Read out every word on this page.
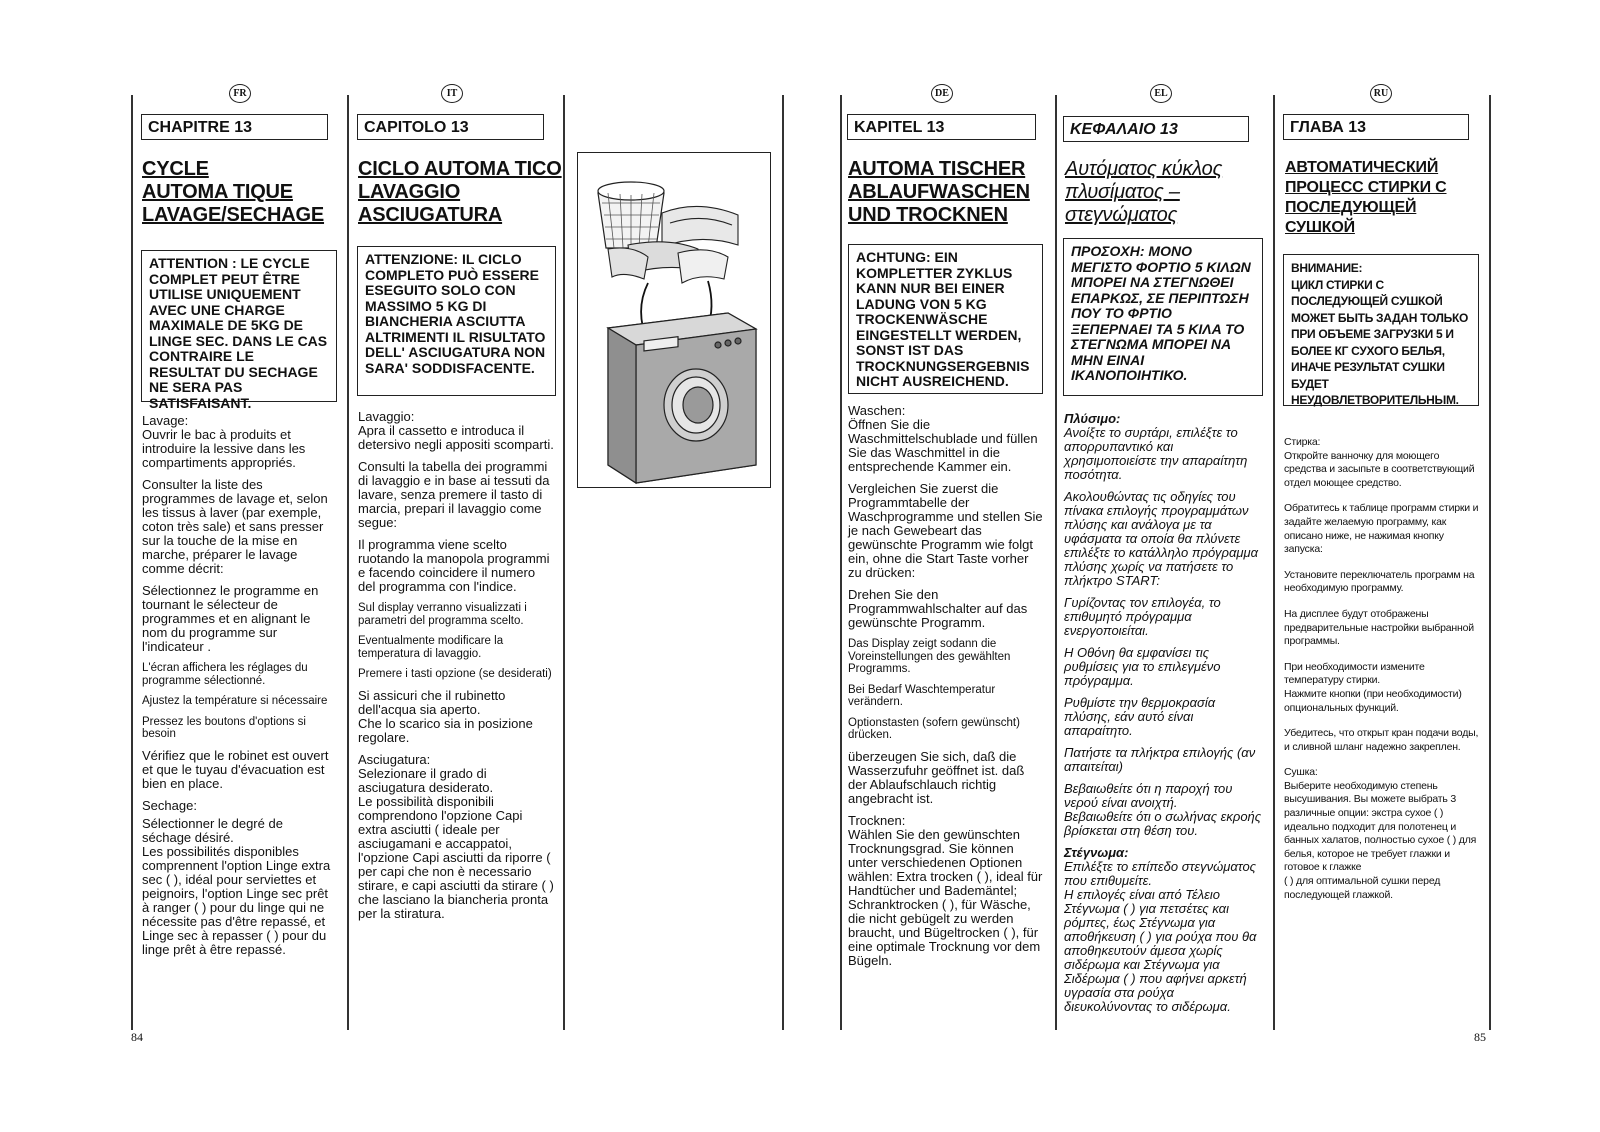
FR
CHAPITRE 13
CYCLE
AUTOMA TIQUE
LAVAGE/SECHAGE
ATTENTION : LE CYCLE COMPLET PEUT ÊTRE UTILISE UNIQUEMENT AVEC UNE CHARGE MAXIMALE DE 5KG DE LINGE SEC. DANS LE CAS CONTRAIRE LE RESULTAT DU SECHAGE NE SERA PAS SATISFAISANT.

Lavage:
Ouvrir le bac à produits et introduire la lessive dans les compartiments appropriés.

Consulter la liste des programmes de lavage et, selon les tissus à laver (par exemple, coton très sale) et sans presser sur la touche de la mise en marche, préparer le lavage comme décrit:

Sélectionnez le programme en tournant le sélecteur de programmes et en alignant le nom du programme sur l'indicateur .

L'écran affichera les réglages du programme sélectionné.

Ajustez la température si nécessaire

Pressez les boutons d'options si besoin

Vérifiez que le robinet est ouvert et que le tuyau d'évacuation est bien en place.

Sechage:

Sélectionner le degré de séchage désiré.
Les possibilités disponibles comprennent l'option Linge extra sec ( ), idéal pour serviettes et peignoirs, l'option Linge sec prêt à ranger ( ) pour du linge qui ne nécessite pas d'être repassé, et Linge sec à repasser ( ) pour du linge prêt à être repassé.

84
IT
CAPITOLO 13
CICLO AUTOMA TICO
LAVAGGIO
ASCIUGATURA
ATTENZIONE: IL CICLO COMPLETO PUÒ ESSERE ESEGUITO SOLO CON MASSIMO 5 KG DI BIANCHERIA ASCIUTTA ALTRIMENTI IL RISULTATO DELL' ASCIUGATURA NON SARA' SODDISFACENTE.

Lavaggio:
Apra il cassetto e introduca il detersivo negli appositi scomparti.

Consulti la tabella dei programmi di lavaggio e in base ai tessuti da lavare, senza premere il tasto di marcia, prepari il lavaggio come segue:

Il programma viene scelto ruotando la manopola programmi e facendo coincidere il numero del programma con l'indice.

Sul display verranno visualizzati i parametri del programma scelto.

Eventualmente modificare la temperatura di lavaggio.

Premere i tasti opzione (se desiderati)

Si assicuri che il rubinetto dell'acqua sia aperto.
Che lo scarico sia in posizione regolare.

Asciugatura:
Selezionare il grado di asciugatura desiderato.
Le possibilità disponibili comprendono l'opzione Capi extra asciutti ( ideale per asciugamani e accappatoi, l'opzione Capi asciutti da riporre ( per capi che non è necessario stirare, e capi asciutti da stirare ( ) che lasciano la biancheria pronta per la stiratura.

DE
KAPITEL 13
AUTOMA TISCHER
ABLAUFWASCHEN
UND TROCKNEN
ACHTUNG: EIN KOMPLETTER ZYKLUS KANN NUR BEI EINER LADUNG VON 5 KG TROCKENWÄSCHE EINGESTELLT WERDEN, SONST IST DAS TROCKNUNGSERGEBNIS NICHT AUSREICHEND.

Waschen:
Öffnen Sie die Waschmittelschublade und füllen Sie das Waschmittel in die entsprechende Kammer ein.

Vergleichen Sie zuerst die Programmtabelle der Waschprogramme und stellen Sie je nach Gewebeart das gewünschte Programm wie folgt ein, ohne die Start Taste vorher zu drücken:

Drehen Sie den Programmwahlschalter auf das gewünschte Programm.

Das Display zeigt sodann die Voreinstellungen des gewählten Programms.

Bei Bedarf Waschtemperatur verändern.

Optionstasten (sofern gewünscht) drücken.

überzeugen Sie sich, daß die Wasserzufuhr geöffnet ist. daß der Ablaufschlauch richtig angebracht ist.

Trocknen:
Wählen Sie den gewünschten Trocknungsgrad. Sie können unter verschiedenen Optionen wählen: Extra trocken ( ), ideal für Handtücher und Bademäntel; Schranktrocken ( ), für Wäsche, die nicht gebügelt zu werden braucht, und Bügeltrocken ( ), für eine optimale Trocknung vor dem Bügeln.

EL
ΚΕΦΑΛΑΙΟ 13
Αυτόματος κύκλος
πλυσίματος –
στεγνώματος
ΠΡΟΣΟΧΗ: ΜΟΝΟ ΜΕΓΙΣΤΟ ΦΟΡΤΙΟ 5 ΚΙΛΩΝ ΜΠΟΡΕΙ ΝΑ ΣΤΕΓΝΩΘΕΙ ΕΠΑΡΚΩΣ, ΣΕ ΠΕΡΙΠΤΩΣΗ ΠΟΥ ΤΟ ΦΡΤΙΟ ΞΕΠΕΡΝΑΕΙ ΤΑ 5 ΚΙΛΑ ΤΟ ΣΤΕΓΝΩΜΑ ΜΠΟΡΕΙ ΝΑ ΜΗΝ ΕΙΝΑΙ ΙΚΑΝΟΠΟΙΗΤΙΚΟ.

Πλύσιμο:

Ανοίξτε το συρτάρι, επιλέξτε το απορρυπαντικό και χρησιμοποιείστε την απαραίτητη ποσότητα.

Ακολουθώντας τις οδηγίες του πίνακα επιλογής προγραμμάτων πλύσης και ανάλογα με τα υφάσματα τα οποία θα πλύνετε επιλέξτε το κατάλληλο πρόγραμμα πλύσης χωρίς να πατήσετε το πλήκτρο START:

Γυρίζοντας τον επιλογέα, το επιθυμητό πρόγραμμα ενεργοποιείται.

Η Οθόνη θα εμφανίσει τις ρυθμίσεις για το επιλεγμένο πρόγραμμα.

Ρυθμίστε την θερμοκρασία πλύσης, εάν αυτό είναι απαραίτητο.

Πατήστε τα πλήκτρα επιλογής (αν απαιτείται)

Βεβαιωθείτε ότι η παροχή του νερού είναι ανοιχτή.
Βεβαιωθείτε ότι ο σωλήνας εκροής βρίσκεται στη θέση του.

Στέγνωμα:

Επιλέξτε το επίπεδο στεγνώματος που επιθυμείτε.
Η επιλογές είναι από Τέλειο Στέγνωμα ( ) για πετσέτες και ρόμπες, έως Στέγνωμα για αποθήκευση ( ) για ρούχα που θα αποθηκευτούν άμεσα χωρίς σιδέρωμα και Στέγνωμα για Σιδέρωμα ( ) που αφήνει αρκετή υγρασία στα ρούχα διευκολύνοντας το σιδέρωμα.

RU
ГЛАВА 13
АВТОМАТИЧЕСКИЙ
ПРОЦЕСС СТИРКИ С
ПОСЛЕДУЮЩЕЙ
СУШКОЙ
ВНИМАНИЕ:
ЦИКЛ СТИРКИ С ПОСЛЕДУЮЩЕЙ СУШКОЙ МОЖЕТ БЫТЬ ЗАДАН ТОЛЬКО ПРИ ОБЪЕМЕ ЗАГРУЗКИ 5 И БОЛЕЕ КГ СУХОГО БЕЛЬЯ, ИНАЧЕ РЕЗУЛЬТАТ СУШКИ БУДЕТ НЕУДОВЛЕТВОРИТЕЛЬНЫМ.

Стирка:
Откройте ванночку для моющего средства и засыпьте в соответствующий отдел моющее средство.

Обратитесь к таблице программ стирки и задайте желаемую программу, как описано ниже, не нажимая кнопку запуска:

Установите переключатель программ на необходимую программу.

На дисплее будут отображены предварительные настройки выбранной программы.

При необходимости измените температуру стирки.
Нажмите кнопки (при необходимости) опциональных функций.

Убедитесь, что открыт кран подачи воды, и сливной шланг надежно закреплен.

Сушка:
Выберите необходимую степень высушивания. Вы можете выбрать 3 различные опции: экстра сухое ( ) идеально подходит для полотенец и банных халатов, полностью сухое ( ) для белья, которое не требует глажки и готовое к глажке
( ) для оптимальной сушки перед последующей глажкой.

85
